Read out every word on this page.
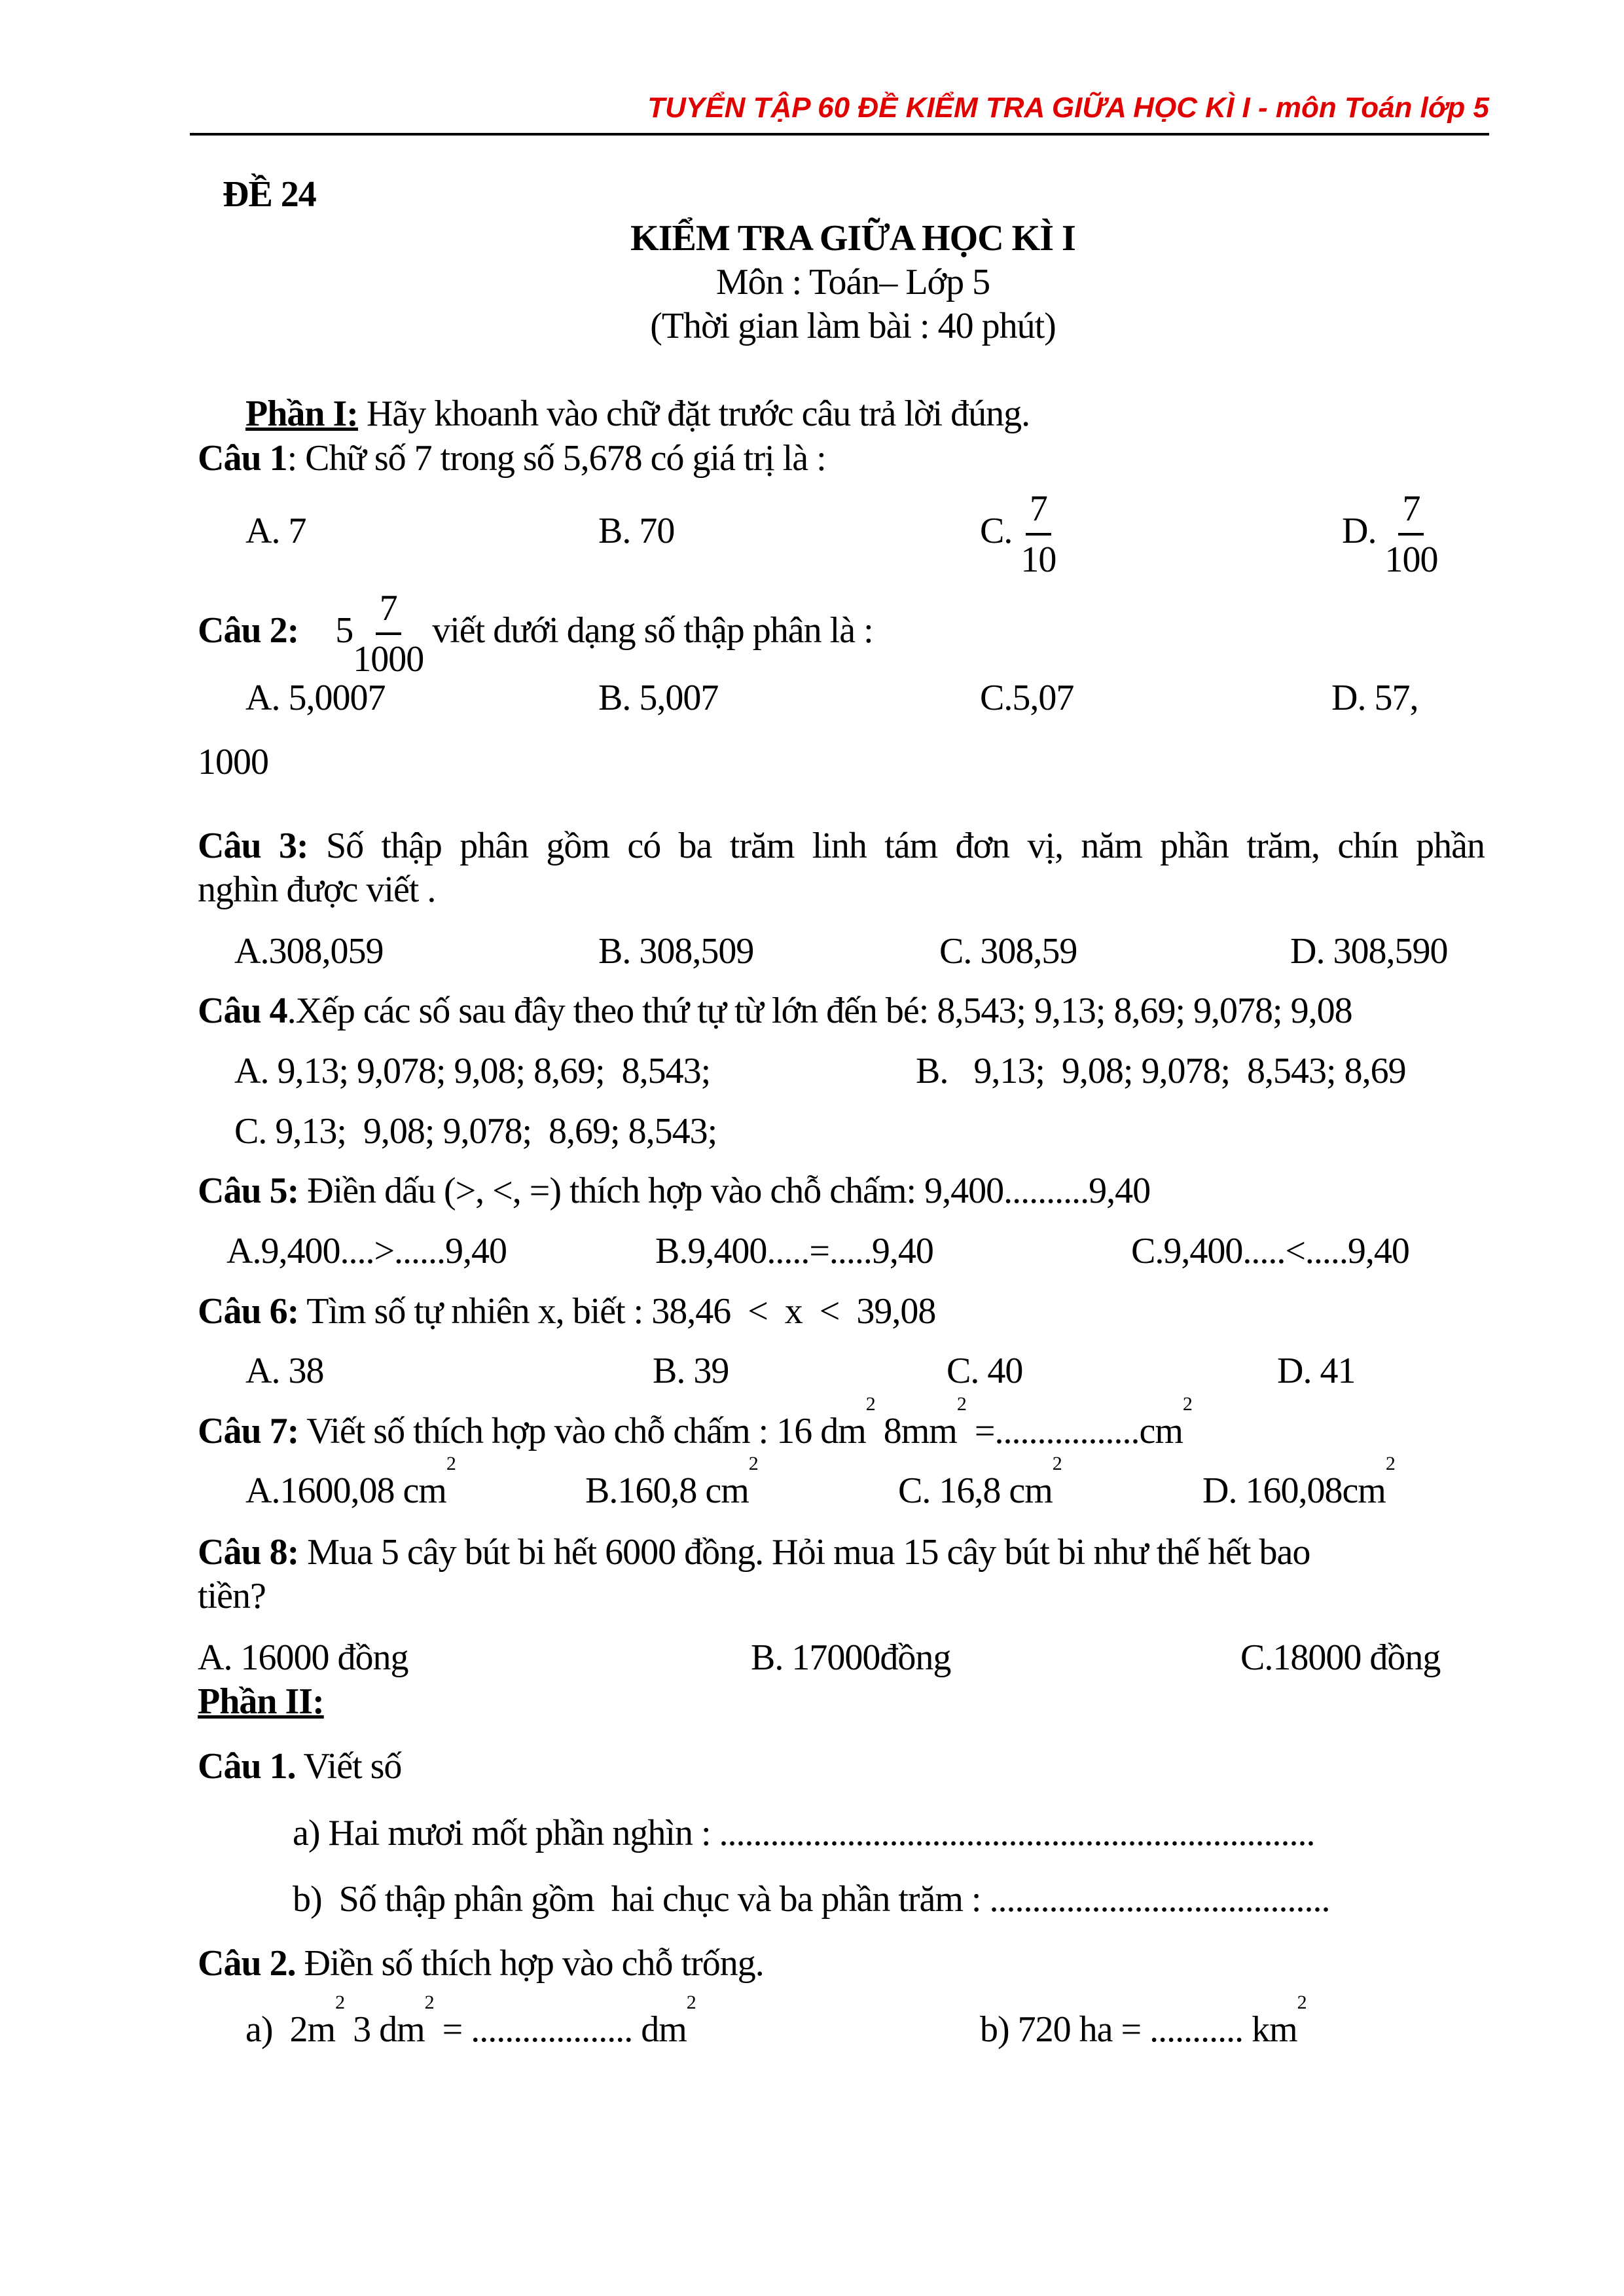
TUYỂN TẬP 60 ĐỀ KIỂM TRA GIỮA HỌC KÌ I - môn Toán lớp 5
ĐỀ 24
KIỂM TRA GIỮA HỌC KÌ I
Môn : Toán– Lớp 5
(Thời gian làm bài : 40 phút)
Phần I: Hãy khoanh vào chữ đặt trước câu trả lời đúng.
Câu 1: Chữ số 7 trong số 5,678 có giá trị là :
A. 7	B. 70	C. $\frac{7}{10}$	D. $\frac{7}{100}$
Câu 2: $5 \frac{7}{1000}$ viết dưới dạng số thập phân là :
A. 5,0007	B. 5,007	C.5,07	D. 57,
1000
Câu 3: Số thập phân gồm có ba trăm linh tám đơn vị, năm phần trăm, chín phần
nghìn được viết .
A.308,059	B. 308,509	C. 308,59	D. 308,590
Câu 4.Xếp các số sau đây theo thứ tự từ lớn đến bé: 8,543; 9,13; 8,69; 9,078; 9,08
A. 9,13; 9,078; 9,08; 8,69;  8,543;	B.   9,13;  9,08; 9,078;  8,543; 8,69
C. 9,13;  9,08; 9,078;  8,69; 8,543;
Câu 5: Điền dấu (>, <, =) thích hợp vào chỗ chấm: 9,400..........9,40
A.9,400....>......9,40	B.9,400.....=.....9,40	C.9,400.....<.....9,40
Câu 6: Tìm số tự nhiên x, biết : 38,46  <  x  <  39,08
A. 38	B. 39	C. 40	D. 41
Câu 7: Viết số thích hợp vào chỗ chấm : 16 $dm^2$ $8mm^2 =.................cm^2$
A.1600,08 $cm^2$
B.160,8 $cm^2$
C. 16,8 $cm^2$
D. $160,08cm^2$
Câu 8: Mua 5 cây bút bi hết 6000 đồng. Hỏi mua 15 cây bút bi như thế hết bao
tiền?
A. 16000 đồng	B. 17000đồng	C.18000 đồng
Phần II:
Câu 1. Viết số
a) Hai mươi mốt phần nghìn : ......................................................................
b)  Số thập phân gồm  hai chục và ba phần trăm : ........................................
Câu 2. Điền số thích hợp vào chỗ trống.
a)  $2m^2$ 3 $dm^2$ = ................... $dm^2$
b) 720 ha = ........... $km^2$
